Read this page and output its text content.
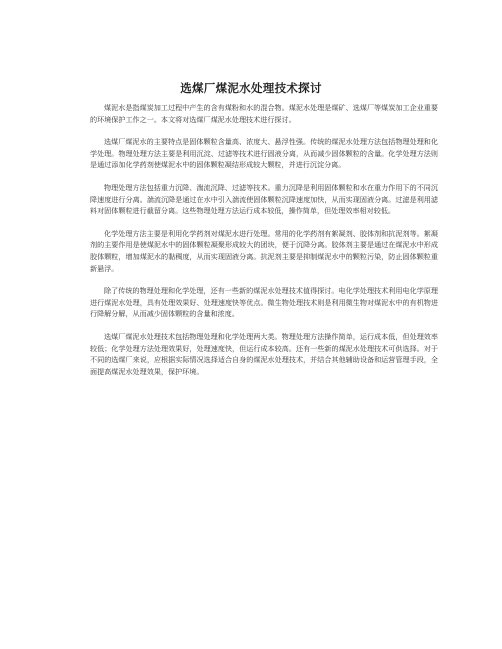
选煤厂煤泥水处理技术探讨

煤泥水是指煤炭加工过程中产生的含有煤粉和水的混合物。煤泥水处理是煤矿、选煤厂等煤炭加工企业重要的环境保护工作之一。本文将对选煤厂煤泥水处理技术进行探讨。

选煤厂煤泥水的主要特点是固体颗粒含量高、浓度大、悬浮性强。传统的煤泥水处理方法包括物理处理和化学处理。物理处理方法主要是利用沉淀、过滤等技术进行固液分离，从而减少固体颗粒的含量。化学处理方法则是通过添加化学药剂使煤泥水中的固体颗粒凝结形成较大颗粒，并进行沉淀分离。

物理处理方法包括重力沉降、湍流沉降、过滤等技术。重力沉降是利用固体颗粒和水在重力作用下的不同沉降速度进行分离。湍流沉降是通过在水中引入湍流使固体颗粒沉降速度加快，从而实现固液分离。过滤是利用滤料对固体颗粒进行截留分离。这些物理处理方法运行成本较低，操作简单，但处理效率相对较低。

化学处理方法主要是利用化学药剂对煤泥水进行处理。常用的化学药剂有絮凝剂、胶体剂和抗泥剂等。絮凝剂的主要作用是使煤泥水中的固体颗粒凝聚形成较大的团块，便于沉降分离。胶体剂主要是通过在煤泥水中形成胶体颗粒，增加煤泥水的黏稠度，从而实现固液分离。抗泥剂主要是抑制煤泥水中的颗粒污染，防止固体颗粒重新悬浮。

除了传统的物理处理和化学处理，还有一些新的煤泥水处理技术值得探讨。电化学处理技术利用电化学原理进行煤泥水处理，具有处理效果好、处理速度快等优点。微生物处理技术则是利用微生物对煤泥水中的有机物进行降解分解，从而减少固体颗粒的含量和浓度。

选煤厂煤泥水处理技术包括物理处理和化学处理两大类。物理处理方法操作简单，运行成本低，但处理效率较低；化学处理方法处理效果好，处理速度快，但运行成本较高。还有一些新的煤泥水处理技术可供选择。对于不同的选煤厂来说，应根据实际情况选择适合自身的煤泥水处理技术，并结合其他辅助设备和运营管理手段，全面提高煤泥水处理效果，保护环境。
